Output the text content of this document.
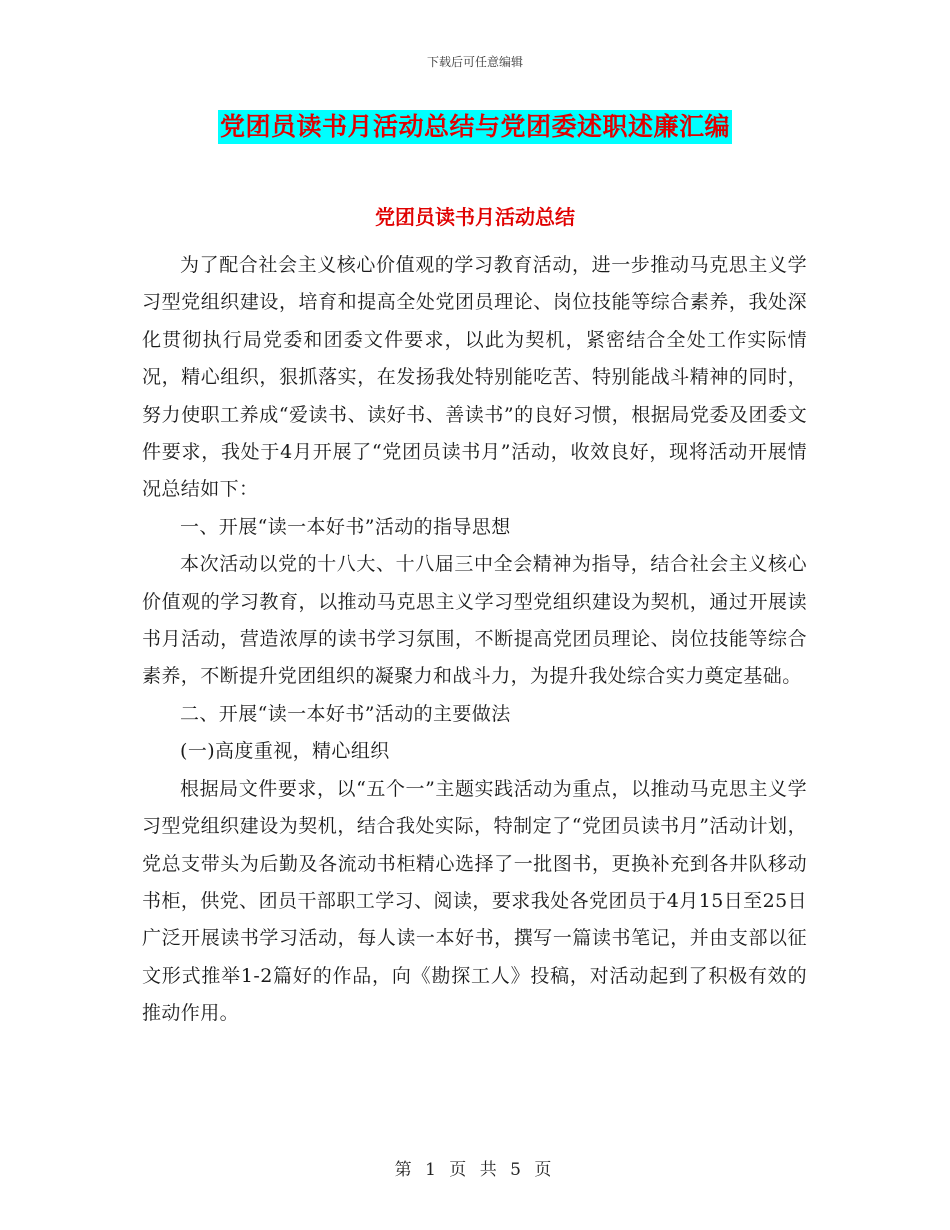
下载后可任意编辑
党团员读书月活动总结与党团委述职述廉汇编
党团员读书月活动总结

为了配合社会主义核心价值观的学习教育活动，进一步推动马克思主义学习型党组织建设，培育和提高全处党团员理论、岗位技能等综合素养，我处深化贯彻执行局党委和团委文件要求，以此为契机，紧密结合全处工作实际情况，精心组织，狠抓落实，在发扬我处特别能吃苦、特别能战斗精神的同时，努力使职工养成“爱读书、读好书、善读书”的良好习惯，根据局党委及团委文件要求，我处于4月开展了“党团员读书月”活动，收效良好，现将活动开展情况总结如下：

一、开展“读一本好书”活动的指导思想

本次活动以党的十八大、十八届三中全会精神为指导，结合社会主义核心价值观的学习教育，以推动马克思主义学习型党组织建设为契机，通过开展读书月活动，营造浓厚的读书学习氛围，不断提高党团员理论、岗位技能等综合素养，不断提升党团组织的凝聚力和战斗力，为提升我处综合实力奠定基础。

二、开展“读一本好书”活动的主要做法

(一)高度重视，精心组织

根据局文件要求，以“五个一”主题实践活动为重点，以推动马克思主义学习型党组织建设为契机，结合我处实际，特制定了“党团员读书月”活动计划，党总支带头为后勤及各流动书柜精心选择了一批图书，更换补充到各井队移动书柜，供党、团员干部职工学习、阅读，要求我处各党团员于4月15日至25日广泛开展读书学习活动，每人读一本好书，撰写一篇读书笔记，并由支部以征文形式推举1-2篇好的作品，向《勘探工人》投稿，对活动起到了积极有效的推动作用。

第 1 页 共 5 页
